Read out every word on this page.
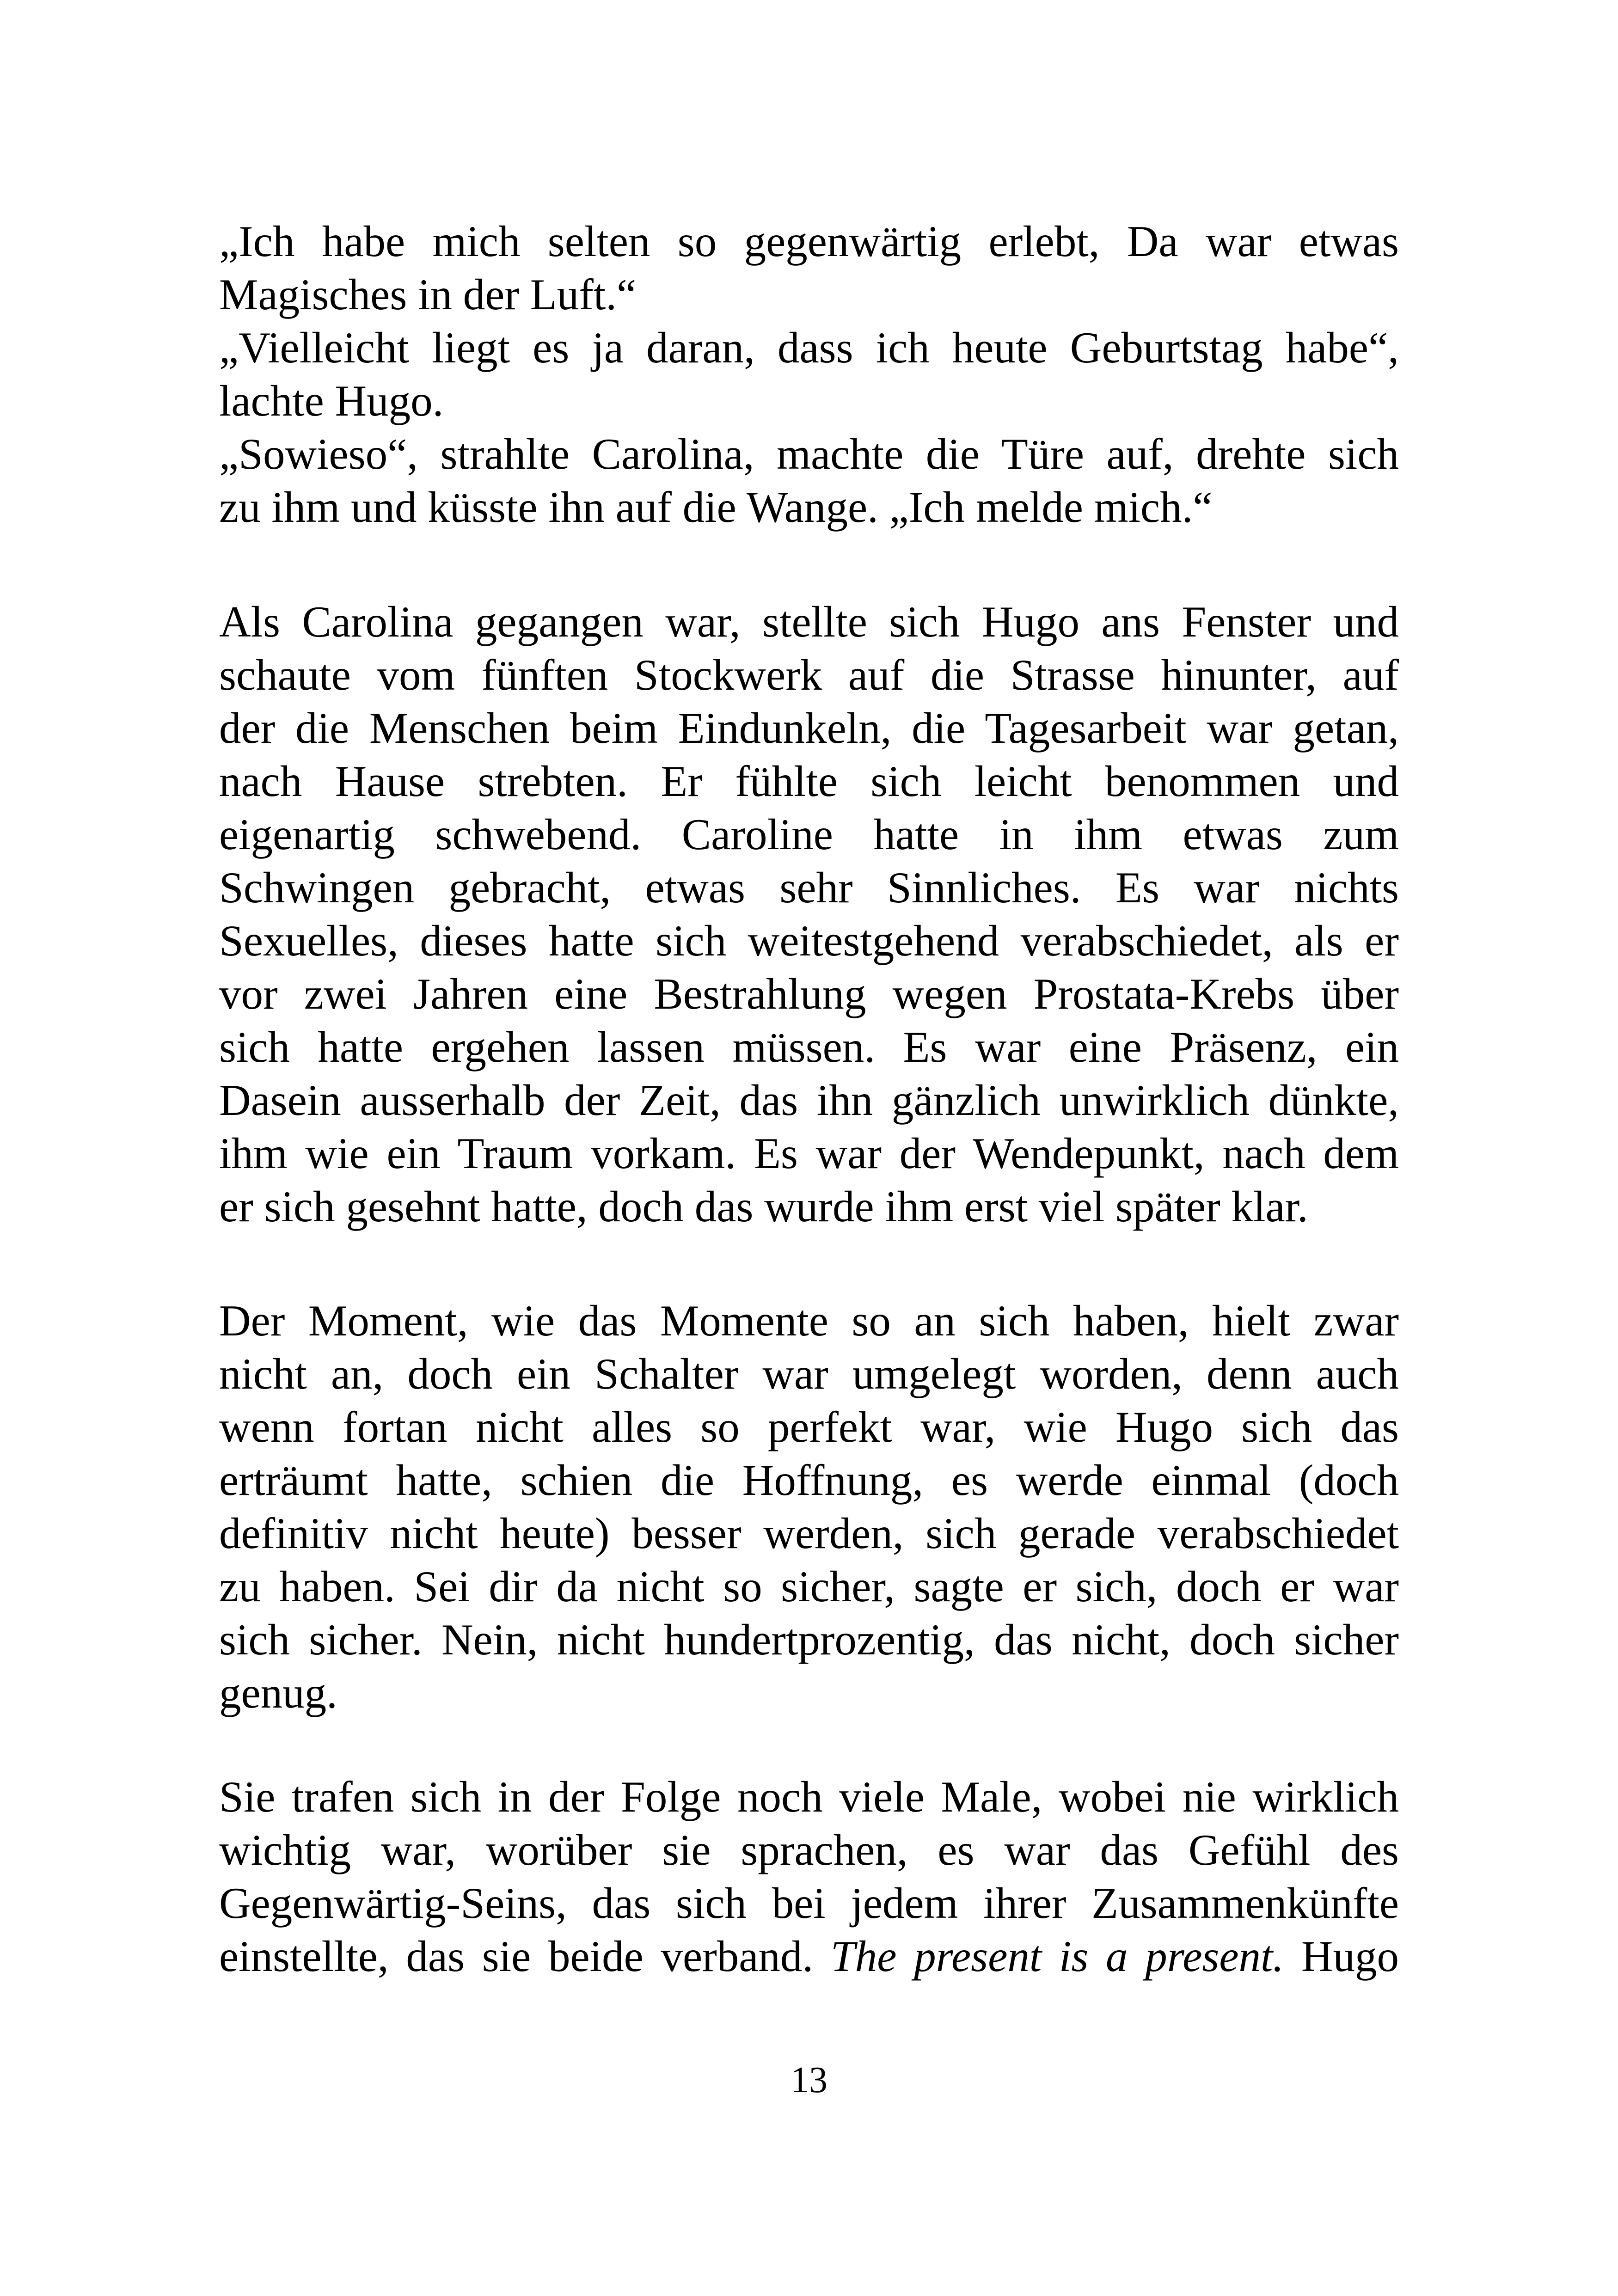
„Ich habe mich selten so gegenwärtig erlebt, Da war etwas

Magisches in der Luft.“

„Vielleicht liegt es ja daran, dass ich heute Geburtstag habe“,

lachte Hugo.

„Sowieso“, strahlte Carolina, machte die Türe auf, drehte sich

zu ihm und küsste ihn auf die Wange. „Ich melde mich.“

Als Carolina gegangen war, stellte sich Hugo ans Fenster und

schaute vom fünften Stockwerk auf die Strasse hinunter, auf

der die Menschen beim Eindunkeln, die Tagesarbeit war getan,

nach Hause strebten. Er fühlte sich leicht benommen und

eigenartig schwebend. Caroline hatte in ihm etwas zum

Schwingen gebracht, etwas sehr Sinnliches. Es war nichts

Sexuelles, dieses hatte sich weitestgehend verabschiedet, als er

vor zwei Jahren eine Bestrahlung wegen Prostata-Krebs über

sich hatte ergehen lassen müssen. Es war eine Präsenz, ein

Dasein ausserhalb der Zeit, das ihn gänzlich unwirklich dünkte,

ihm wie ein Traum vorkam. Es war der Wendepunkt, nach dem

er sich gesehnt hatte, doch das wurde ihm erst viel später klar.

Der Moment, wie das Momente so an sich haben, hielt zwar

nicht an, doch ein Schalter war umgelegt worden, denn auch

wenn fortan nicht alles so perfekt war, wie Hugo sich das

erträumt hatte, schien die Hoffnung, es werde einmal (doch

definitiv nicht heute) besser werden, sich gerade verabschiedet

zu haben. Sei dir da nicht so sicher, sagte er sich, doch er war

sich sicher. Nein, nicht hundertprozentig, das nicht, doch sicher

genug.

Sie trafen sich in der Folge noch viele Male, wobei nie wirklich

wichtig war, worüber sie sprachen, es war das Gefühl des

Gegenwärtig-Seins, das sich bei jedem ihrer Zusammenkünfte

einstellte, das sie beide verband. The present is a present. Hugo

13
